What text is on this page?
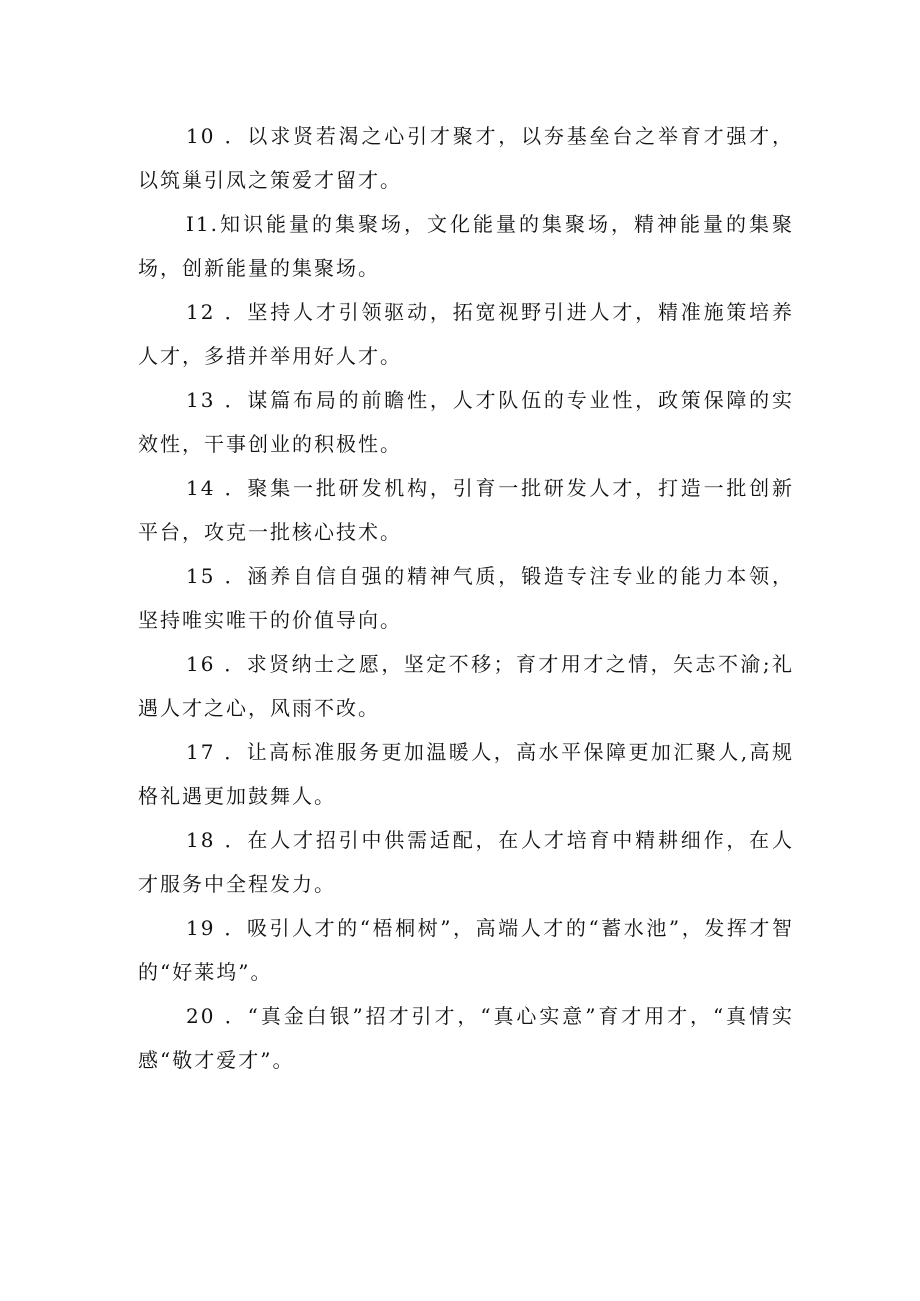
10 ．以求贤若渴之心引才聚才，以夯基垒台之举育才强才，以筑巢引凤之策爱才留才。

I1.知识能量的集聚场，文化能量的集聚场，精神能量的集聚场，创新能量的集聚场。

12 ．坚持人才引领驱动，拓宽视野引进人才，精准施策培养人才，多措并举用好人才。

13 ．谋篇布局的前瞻性，人才队伍的专业性，政策保障的实效性，干事创业的积极性。

14 ．聚集一批研发机构，引育一批研发人才，打造一批创新平台，攻克一批核心技术。

15 ．涵养自信自强的精神气质，锻造专注专业的能力本领，坚持唯实唯干的价值导向。

16 ．求贤纳士之愿，坚定不移；育才用才之情，矢志不渝;礼遇人才之心，风雨不改。

17 ．让高标准服务更加温暖人，高水平保障更加汇聚人,高规格礼遇更加鼓舞人。

18 ．在人才招引中供需适配，在人才培育中精耕细作，在人才服务中全程发力。

19 ．吸引人才的“梧桐树”，高端人才的“蓄水池”，发挥才智的“好莱坞”。

20 ．“真金白银”招才引才，“真心实意”育才用才，“真情实感“敬才爱才”。
